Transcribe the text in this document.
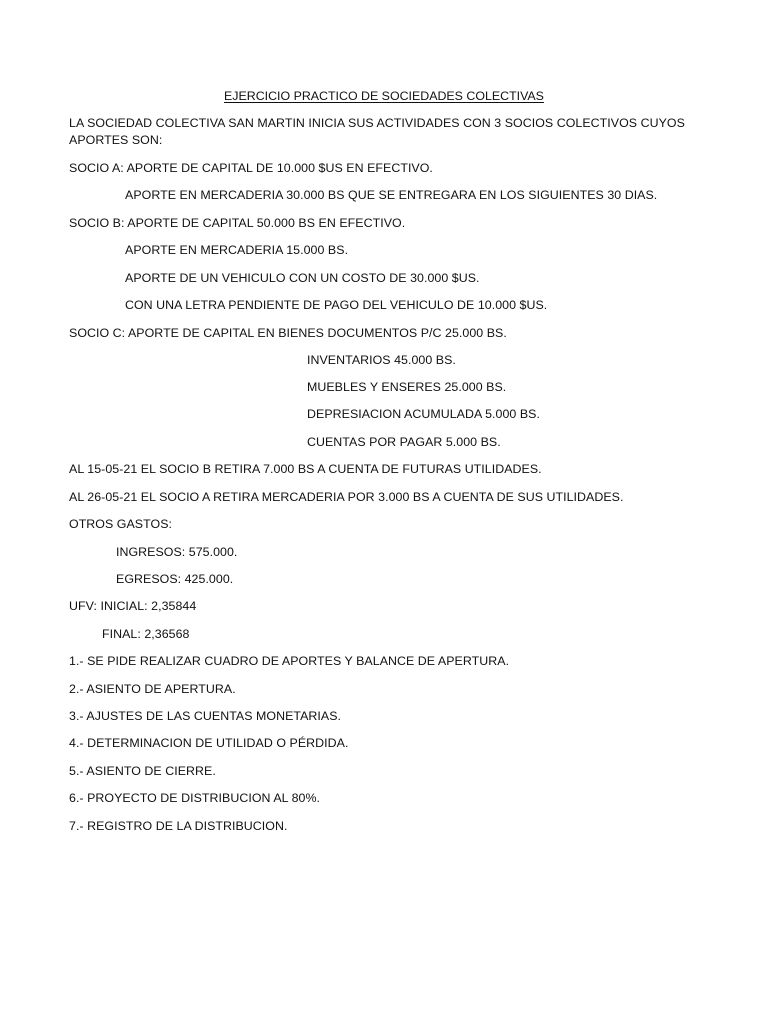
EJERCICIO PRACTICO DE SOCIEDADES COLECTIVAS
LA SOCIEDAD COLECTIVA SAN MARTIN INICIA SUS ACTIVIDADES CON 3 SOCIOS COLECTIVOS CUYOS APORTES SON:
SOCIO A: APORTE DE CAPITAL DE 10.000 $US EN EFECTIVO.
APORTE EN MERCADERIA 30.000 BS QUE SE ENTREGARA EN LOS SIGUIENTES 30 DIAS.
SOCIO B: APORTE DE CAPITAL 50.000 BS EN EFECTIVO.
APORTE EN MERCADERIA 15.000 BS.
APORTE DE UN VEHICULO CON UN COSTO DE 30.000 $US.
CON UNA LETRA PENDIENTE DE PAGO DEL VEHICULO DE 10.000 $US.
SOCIO C: APORTE DE CAPITAL EN BIENES DOCUMENTOS P/C 25.000 BS.
INVENTARIOS 45.000 BS.
MUEBLES Y ENSERES 25.000 BS.
DEPRESIACION ACUMULADA 5.000 BS.
CUENTAS POR PAGAR 5.000 BS.
AL 15-05-21 EL SOCIO B RETIRA 7.000 BS A CUENTA DE FUTURAS UTILIDADES.
AL 26-05-21 EL SOCIO A RETIRA MERCADERIA POR 3.000 BS A CUENTA DE SUS UTILIDADES.
OTROS GASTOS:
INGRESOS: 575.000.
EGRESOS: 425.000.
UFV: INICIAL: 2,35844
FINAL: 2,36568
1.- SE PIDE REALIZAR CUADRO DE APORTES Y BALANCE DE APERTURA.
2.- ASIENTO DE APERTURA.
3.- AJUSTES DE LAS CUENTAS MONETARIAS.
4.- DETERMINACION DE UTILIDAD O PÉRDIDA.
5.- ASIENTO DE CIERRE.
6.- PROYECTO DE DISTRIBUCION AL 80%.
7.- REGISTRO DE LA DISTRIBUCION.
